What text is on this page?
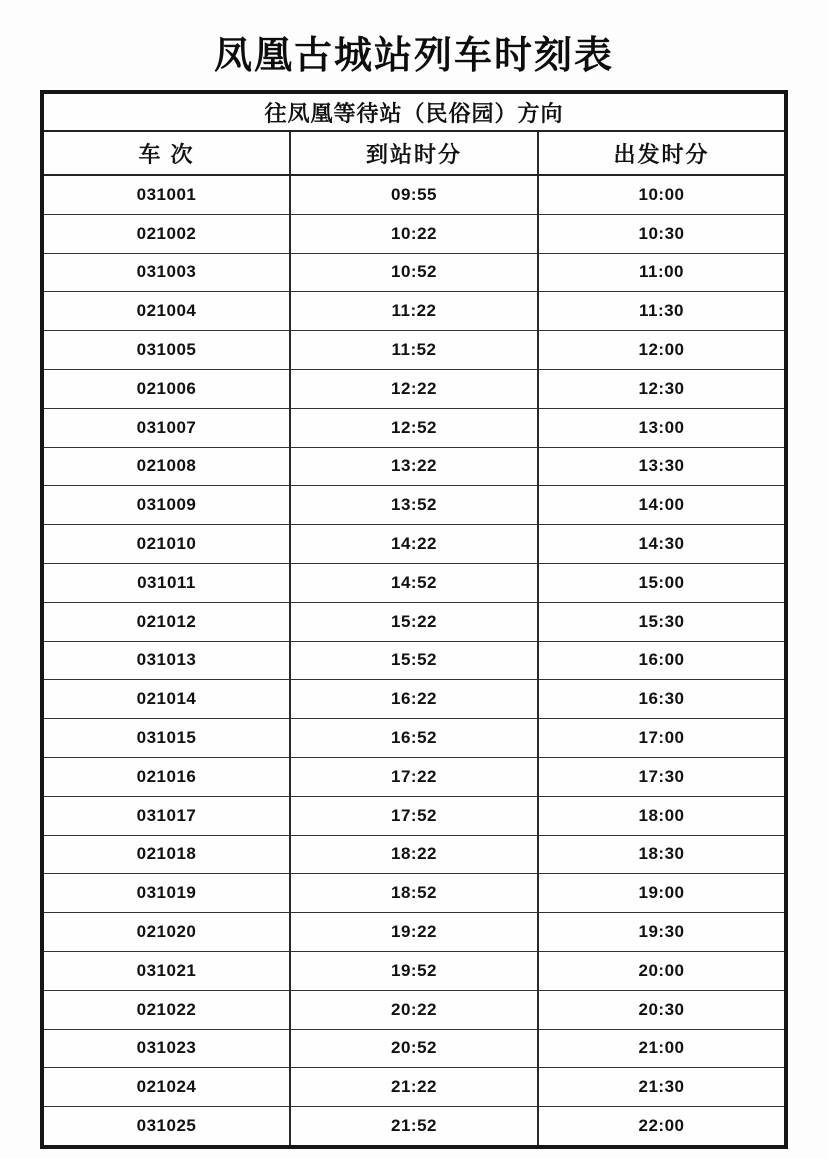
凤凰古城站列车时刻表
往凤凰等待站（民俗园）方向		
车 次	到站时分	出发时分
031001	09:55	10:00
021002	10:22	10:30
031003	10:52	11:00
021004	11:22	11:30
031005	11:52	12:00
021006	12:22	12:30
031007	12:52	13:00
021008	13:22	13:30
031009	13:52	14:00
021010	14:22	14:30
031011	14:52	15:00
021012	15:22	15:30
031013	15:52	16:00
021014	16:22	16:30
031015	16:52	17:00
021016	17:22	17:30
031017	17:52	18:00
021018	18:22	18:30
031019	18:52	19:00
021020	19:22	19:30
031021	19:52	20:00
021022	20:22	20:30
031023	20:52	21:00
021024	21:22	21:30
031025	21:52	22:00
